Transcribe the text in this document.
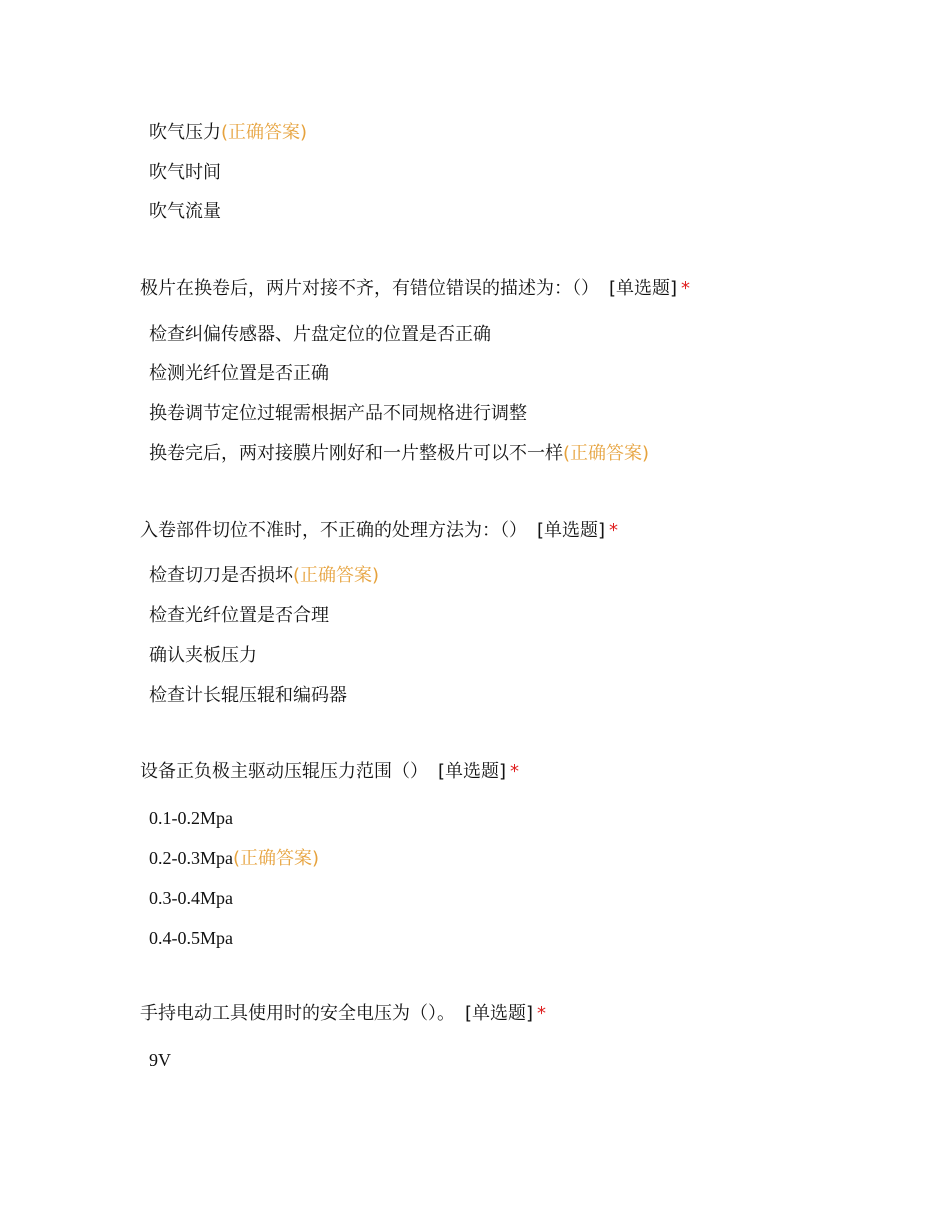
吹气压力(正确答案)
吹气时间
吹气流量
极片在换卷后，两片对接不齐，有错位错误的描述为：（） [单选题] *
检查纠偏传感器、片盘定位的位置是否正确
检测光纤位置是否正确
换卷调节定位过辊需根据产品不同规格进行调整
换卷完后，两对接膜片刚好和一片整极片可以不一样(正确答案)
入卷部件切位不准时，不正确的处理方法为：（） [单选题] *
检查切刀是否损坏(正确答案)
检查光纤位置是否合理
确认夹板压力
检查计长辊压辊和编码器
设备正负极主驱动压辊压力范围（） [单选题] *
0.1-0.2Mpa
0.2-0.3Mpa(正确答案)
0.3-0.4Mpa
0.4-0.5Mpa
手持电动工具使用时的安全电压为（）。 [单选题] *
9V
